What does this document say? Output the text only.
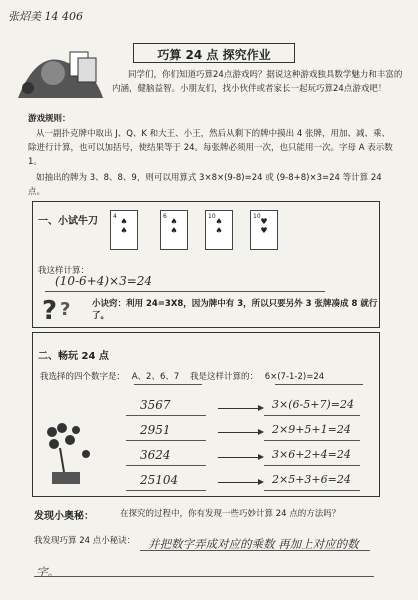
张炤美 14 406
巧算 24 点 探究作业
同学们，你们知道巧算24点游戏吗？据说这种游戏独具数学魅力和丰富的内涵，健脑益智。小朋友们，找小伙伴或者家长一起玩巧算24点游戏吧！
游戏规则：
从一副扑克牌中取出 J、Q、K 和大王、小王，然后从剩下的牌中摸出 4 张牌，用加、减、乘、除进行计算，也可以加括号，使结果等于 24。每张牌必须用一次，也只能用一次。字母 A 表示数 1。
如抽出的牌为 3、8、8、9，则可以用算式 3×8×(9-8)=24 或 (9-8+8)×3=24 等计算 24 点。
一、小试牛刀	4
♠
♠
6
♠
♠
10
♠
♠
10
♥
♥
我这样计算：
(10-6+4)×3=24
? ?	小诀窍：利用 24=3X8，因为牌中有 3，所以只要另外 3 张牌凑成 8 就行了。
二、畅玩 24 点
我选择的四个数字是： A、2、6、7 我是这样计算的： 6×(7-1-2)=24
3567	3×(6-5+7)=24
2951	2×9+5+1=24
3624	3×6+2+4=24
25104	2×5+3+6=24
发现小奥秘：	在探究的过程中，你有发现一些巧妙计算 24 点的方法吗？
我发现巧算 24 点小秘诀：	并把数字弄成对应的乘数 再加上对应的数字。
